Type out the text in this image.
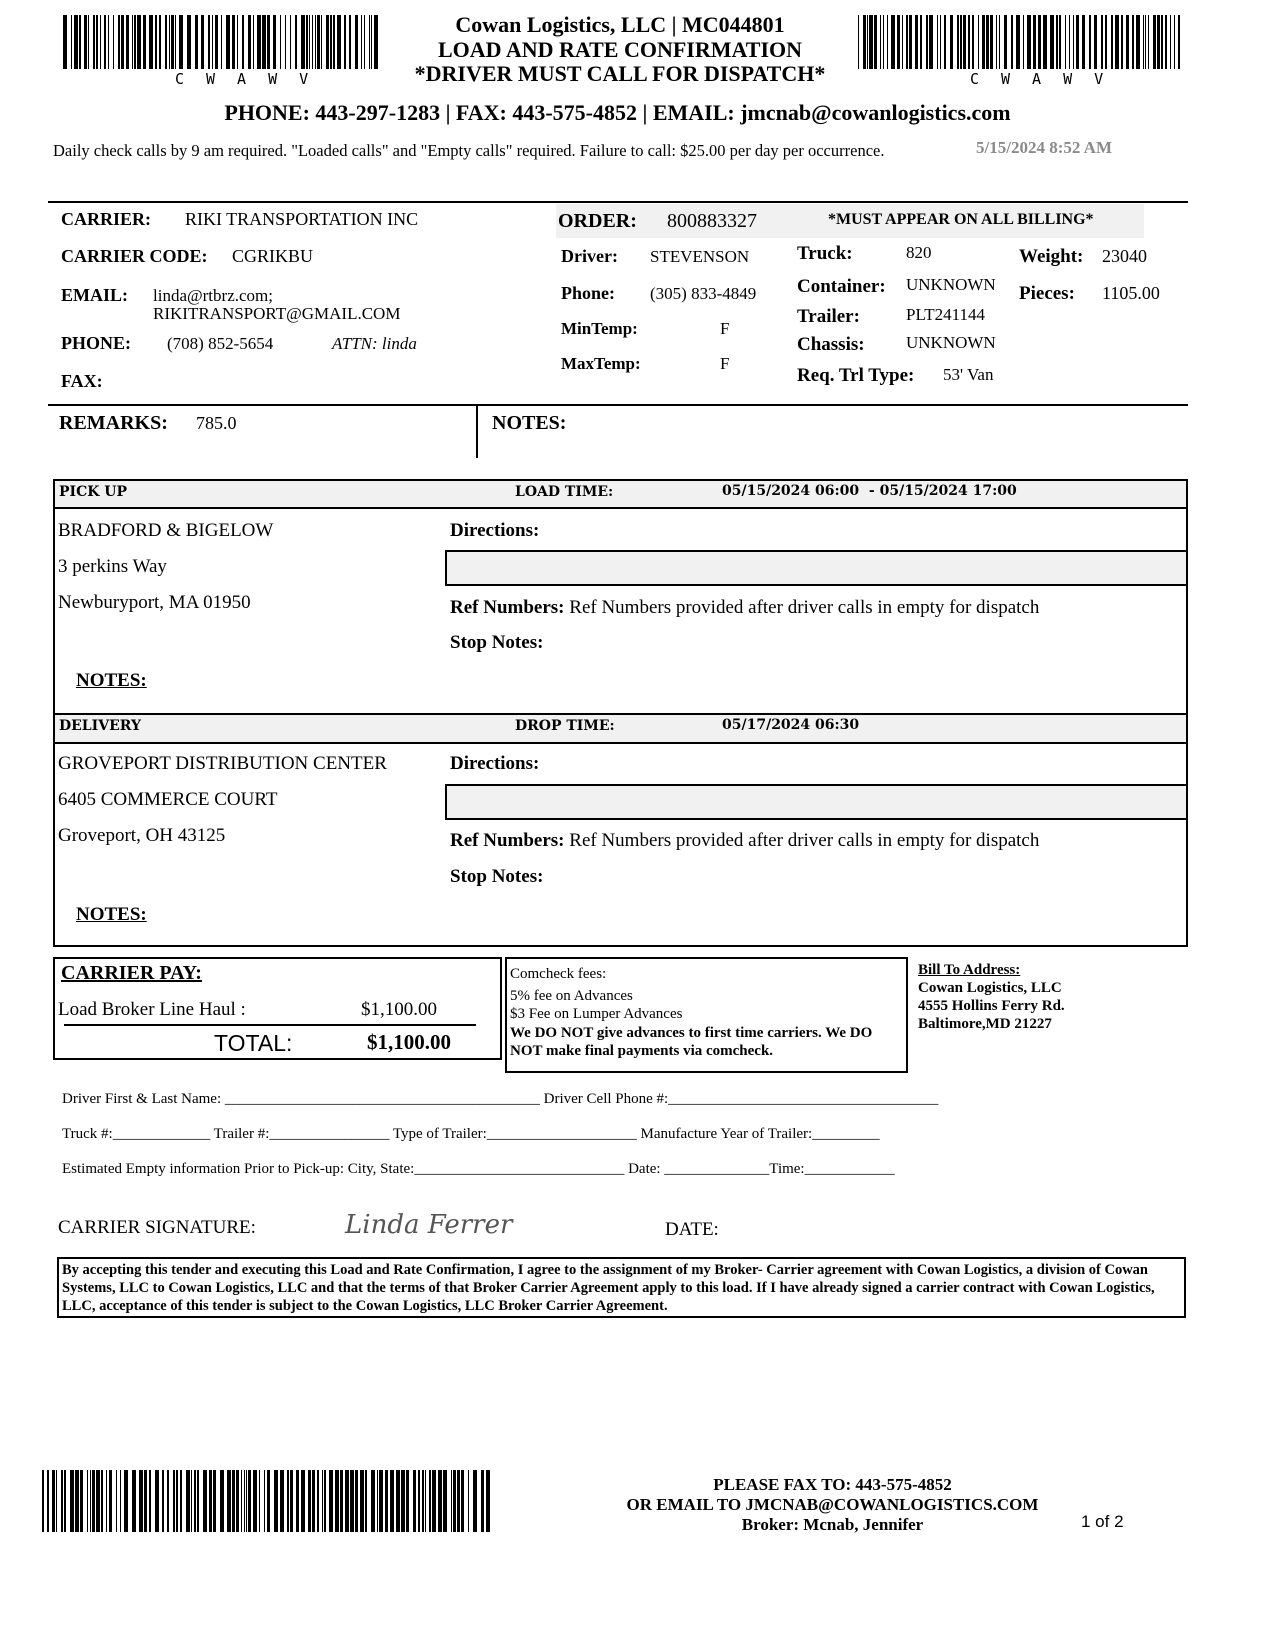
CWAWV	CWAWV
Cowan Logistics, LLC | MC044801
LOAD AND RATE CONFIRMATION
*DRIVER MUST CALL FOR DISPATCH*
PHONE: 443-297-1283 | FAX: 443-575-4852 | EMAIL: jmcnab@cowanlogistics.com
Daily check calls by 9 am required. "Loaded calls" and "Empty calls" required. Failure to call: $25.00 per day per occurrence.	5/15/2024 8:52 AM
CARRIER: RIKI TRANSPORTATION INC
CARRIER CODE: CGRIKBU
EMAIL: linda@rtbrz.com;
RIKITRANSPORT@GMAIL.COM
PHONE: (708) 852-5654	ATTN: linda
FAX:
ORDER: 800883327	*MUST APPEAR ON ALL BILLING*
Driver: STEVENSON
Phone: (305) 833-4849
MinTemp:	F
MaxTemp:	F
Truck:	820
Container: UNKNOWN
Trailer:	PLT241144
Chassis: UNKNOWN
Req. Trl Type: 53' Van
Weight: 23040
Pieces: 1105.00
REMARKS: 785.0	NOTES:
PICK UP	LOAD TIME:	05/15/2024 06:00  - 05/15/2024 17:00
BRADFORD & BIGELOW
3 perkins Way
Newburyport, MA 01950
Directions:
Ref Numbers: Ref Numbers provided after driver calls in empty for dispatch
Stop Notes:
NOTES:
DELIVERY	DROP TIME:	05/17/2024 06:30
GROVEPORT DISTRIBUTION CENTER
6405 COMMERCE COURT
Groveport, OH 43125
Directions:
Ref Numbers: Ref Numbers provided after driver calls in empty for dispatch
Stop Notes:
NOTES:
CARRIER PAY:
Load Broker Line Haul :	$1,100.00
TOTAL:	$1,100.00
Comcheck fees:
5% fee on Advances
$3 Fee on Lumper Advances
We DO NOT give advances to first time carriers. We DO NOT make final payments via comcheck.
Bill To Address:
Cowan Logistics, LLC
4555 Hollins Ferry Rd.
Baltimore,MD 21227
Driver First & Last Name: __________________________________________ Driver Cell Phone #:____________________________________
Truck #:_____________ Trailer #:________________ Type of Trailer:____________________ Manufacture Year of Trailer:_________
Estimated Empty information Prior to Pick-up: City, State:____________________________ Date: ______________Time:____________
CARRIER SIGNATURE:	Linda Ferrer	DATE:
By accepting this tender and executing this Load and Rate Confirmation, I agree to the assignment of my Broker- Carrier agreement with Cowan Logistics, a division of Cowan Systems, LLC to Cowan Logistics, LLC and that the terms of that Broker Carrier Agreement apply to this load. If I have already signed a carrier contract with Cowan Logistics, LLC, acceptance of this tender is subject to the Cowan Logistics, LLC Broker Carrier Agreement.
PLEASE FAX TO: 443-575-4852
OR EMAIL TO JMCNAB@COWANLOGISTICS.COM
Broker: Mcnab, Jennifer	1 of 2
